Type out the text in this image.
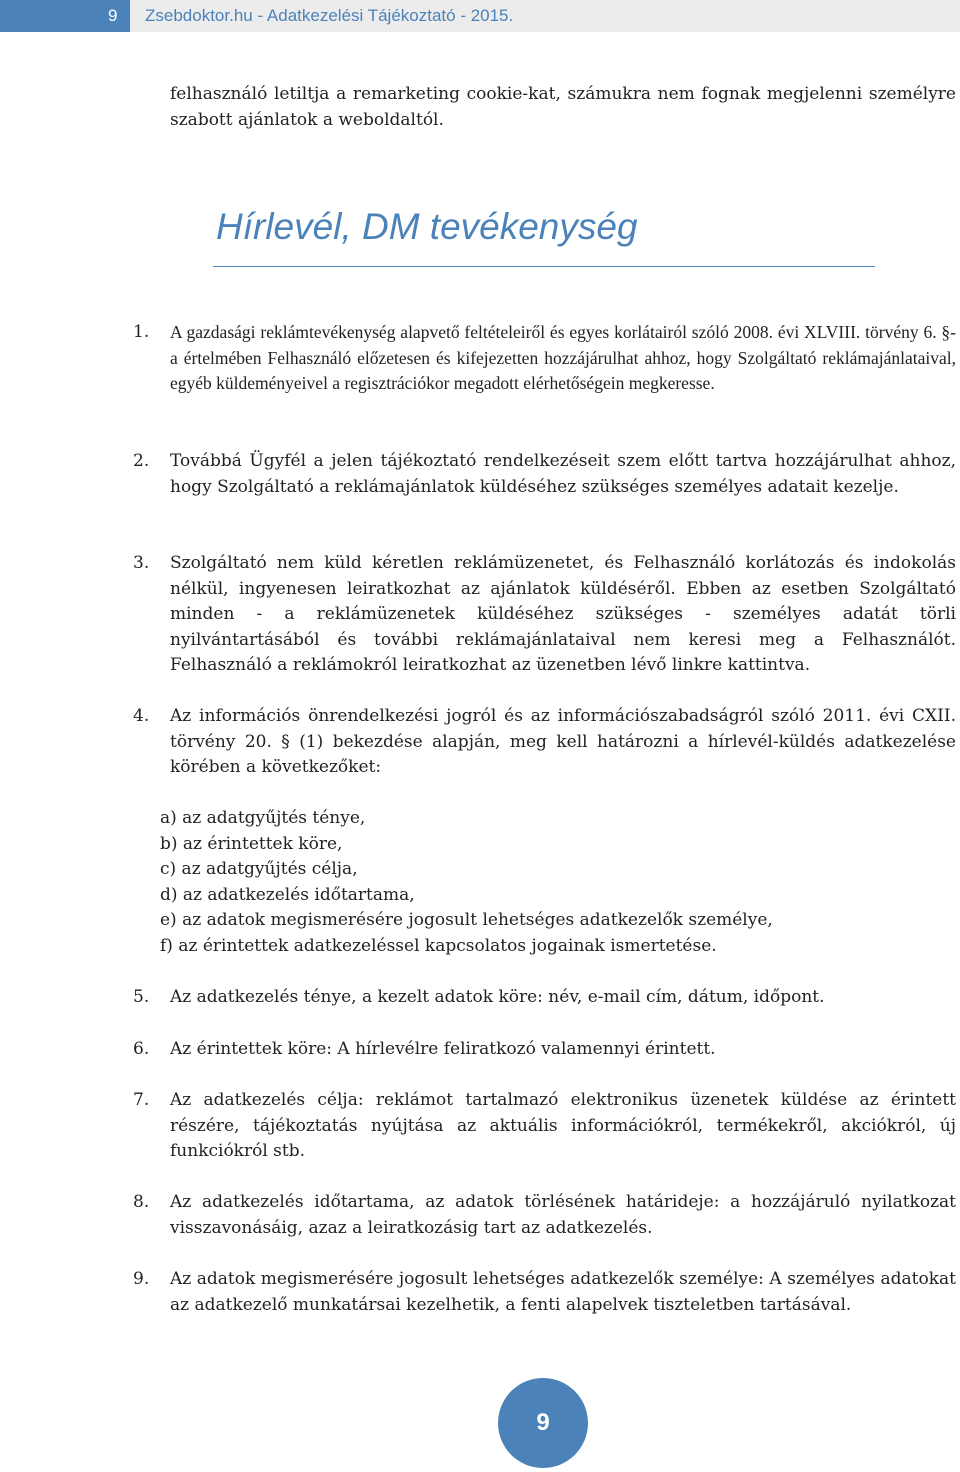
9	Zsebdoktor.hu - Adatkezelési Tájékoztató - 2015.
felhasználó letiltja a remarketing cookie-kat, számukra nem fognak megjelenni személyre szabott ajánlatok a weboldaltól.
Hírlevél, DM tevékenység
1. A gazdasági reklámtevékenység alapvető feltételeiről és egyes korlátairól szóló 2008. évi XLVIII. törvény 6. §-a értelmében Felhasználó előzetesen és kifejezetten hozzájárulhat ahhoz, hogy Szolgáltató reklámajánlataival, egyéb küldeményeivel a regisztrációkor megadott elérhetőségein megkeresse.
2. Továbbá Ügyfél a jelen tájékoztató rendelkezéseit szem előtt tartva hozzájárulhat ahhoz, hogy Szolgáltató a reklámajánlatok küldéséhez szükséges személyes adatait kezelje.
3. Szolgáltató nem küld kéretlen reklámüzenetet, és Felhasználó korlátozás és indokolás nélkül, ingyenesen leiratkozhat az ajánlatok küldéséről. Ebben az esetben Szolgáltató minden - a reklámüzenetek küldéséhez szükséges - személyes adatát törli nyilvántartásából és további reklámajánlataival nem keresi meg a Felhasználót. Felhasználó a reklámokról leiratkozhat az üzenetben lévő linkre kattintva.
4. Az információs önrendelkezési jogról és az információszabadságról szóló 2011. évi CXII. törvény 20. § (1) bekezdése alapján, meg kell határozni a hírlevél-küldés adatkezelése körében a következőket:
a) az adatgyűjtés ténye,
b) az érintettek köre,
c) az adatgyűjtés célja,
d) az adatkezelés időtartama,
e) az adatok megismerésére jogosult lehetséges adatkezelők személye,
f) az érintettek adatkezeléssel kapcsolatos jogainak ismertetése.
5. Az adatkezelés ténye, a kezelt adatok köre: név, e-mail cím, dátum, időpont.
6. Az érintettek köre: A hírlevélre feliratkozó valamennyi érintett.
7. Az adatkezelés célja: reklámot tartalmazó elektronikus üzenetek küldése az érintett részére, tájékoztatás nyújtása az aktuális információkról, termékekről, akciókról, új funkciókról stb.
8. Az adatkezelés időtartama, az adatok törlésének határideje: a hozzájáruló nyilatkozat visszavonásáig, azaz a leiratkozásig tart az adatkezelés.
9. Az adatok megismerésére jogosult lehetséges adatkezelők személye: A személyes adatokat az adatkezelő munkatársai kezelhetik, a fenti alapelvek tiszteletben tartásával.
9
